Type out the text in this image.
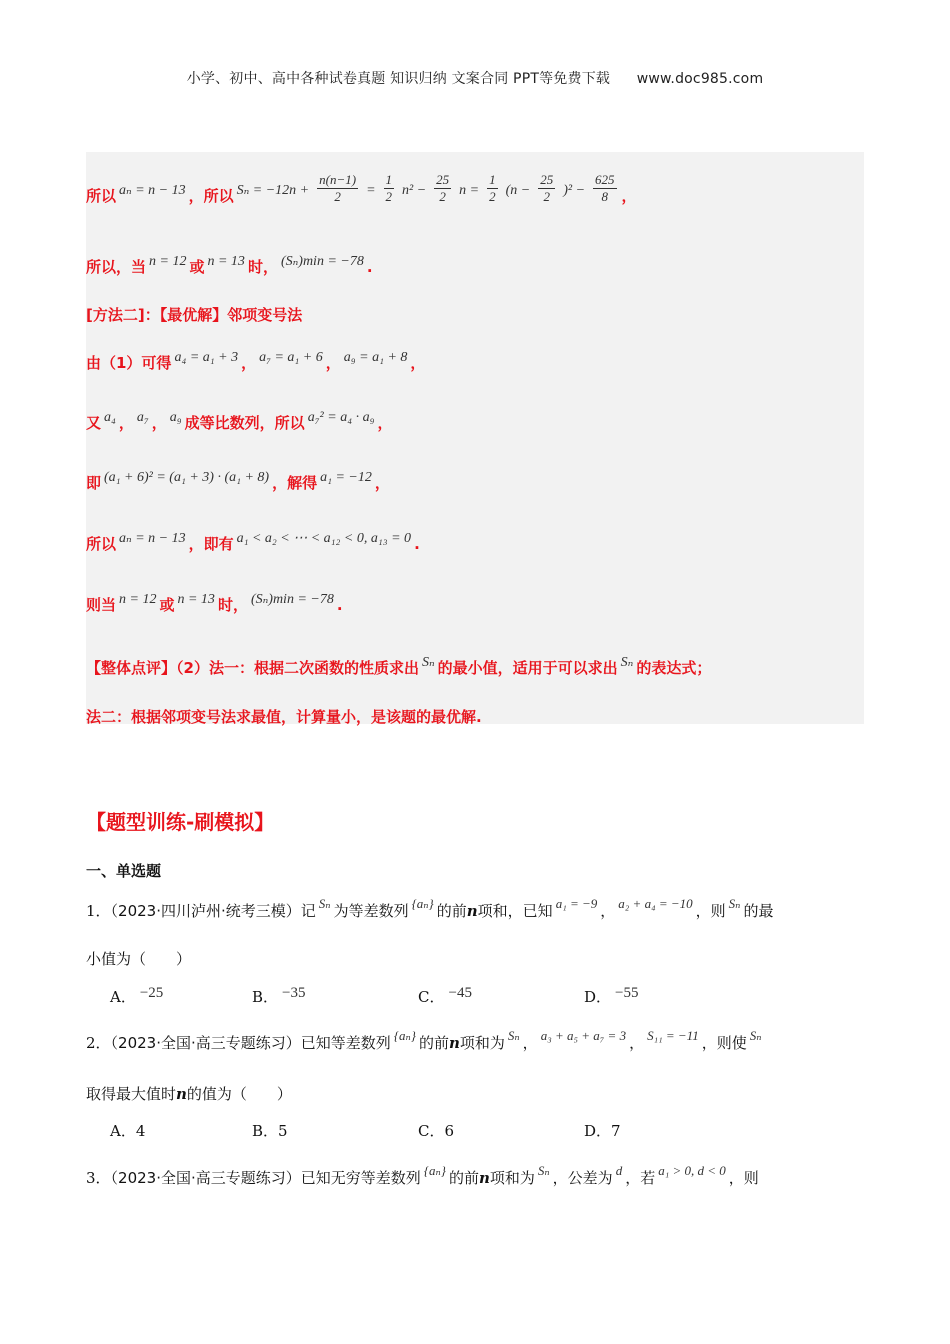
小学、初中、高中各种试卷真题 知识归纳 文案合同 PPT等免费下载 www.doc985.com
所以 aₙ = n − 13 ，所以 $S_n = -12n + \frac{n(n-1)}{2} = \frac{1}{2} n^2 - \frac{25}{2}$ $n = \frac{1}{2} (n - \frac{25}{2} )^2 - \frac{625}{8}$ ，
所以，当 n = 12 或 n = 13 时， (Sₙ)min = −78 .
[方法二]：【最优解】邻项变号法
由（1）可得 a₄ = a₁ + 3 ， a₇ = a₁ + 6 ， a₉ = a₁ + 8 ，
又 a₄ ， a₇ ， a₉ 成等比数列，所以 a₇² = a₄ · a₉ ，
即 (a₁ + 6)² = (a₁ + 3) · (a₁ + 8) ，解得 a₁ = −12 ，
所以 aₙ = n − 13 ，即有 a₁ < a₂ < ⋯ < a₁₂ < 0, a₁₃ = 0 .
则当 n = 12 或 n = 13 时， (Sₙ)min = −78 .
【整体点评】（2）法一：根据二次函数的性质求出 Sₙ 的最小值，适用于可以求出 Sₙ 的表达式；
法二：根据邻项变号法求最值，计算量小，是该题的最优解.
【题型训练-刷模拟】
一、单选题
1．（2023·四川泸州·统考三模）记 Sₙ 为等差数列 {aₙ} 的前n项和，已知 a₁ = −9 ， a₂ + a₄ = −10 ，则 Sₙ 的最
小值为（　　）
A． −25	B． −35	C． −45	D． −55
2．（2023·全国·高三专题练习）已知等差数列 {aₙ} 的前n项和为 Sₙ ， a₃ + a₅ + a₇ = 3 ， S₁₁ = −11 ，则使 Sₙ
取得最大值时n的值为（　　）
A．4	B．5	C．6	D．7
3．（2023·全国·高三专题练习）已知无穷等差数列 {aₙ} 的前n项和为 Sₙ ，公差为 d ，若 a₁ > 0, d < 0 ，则
